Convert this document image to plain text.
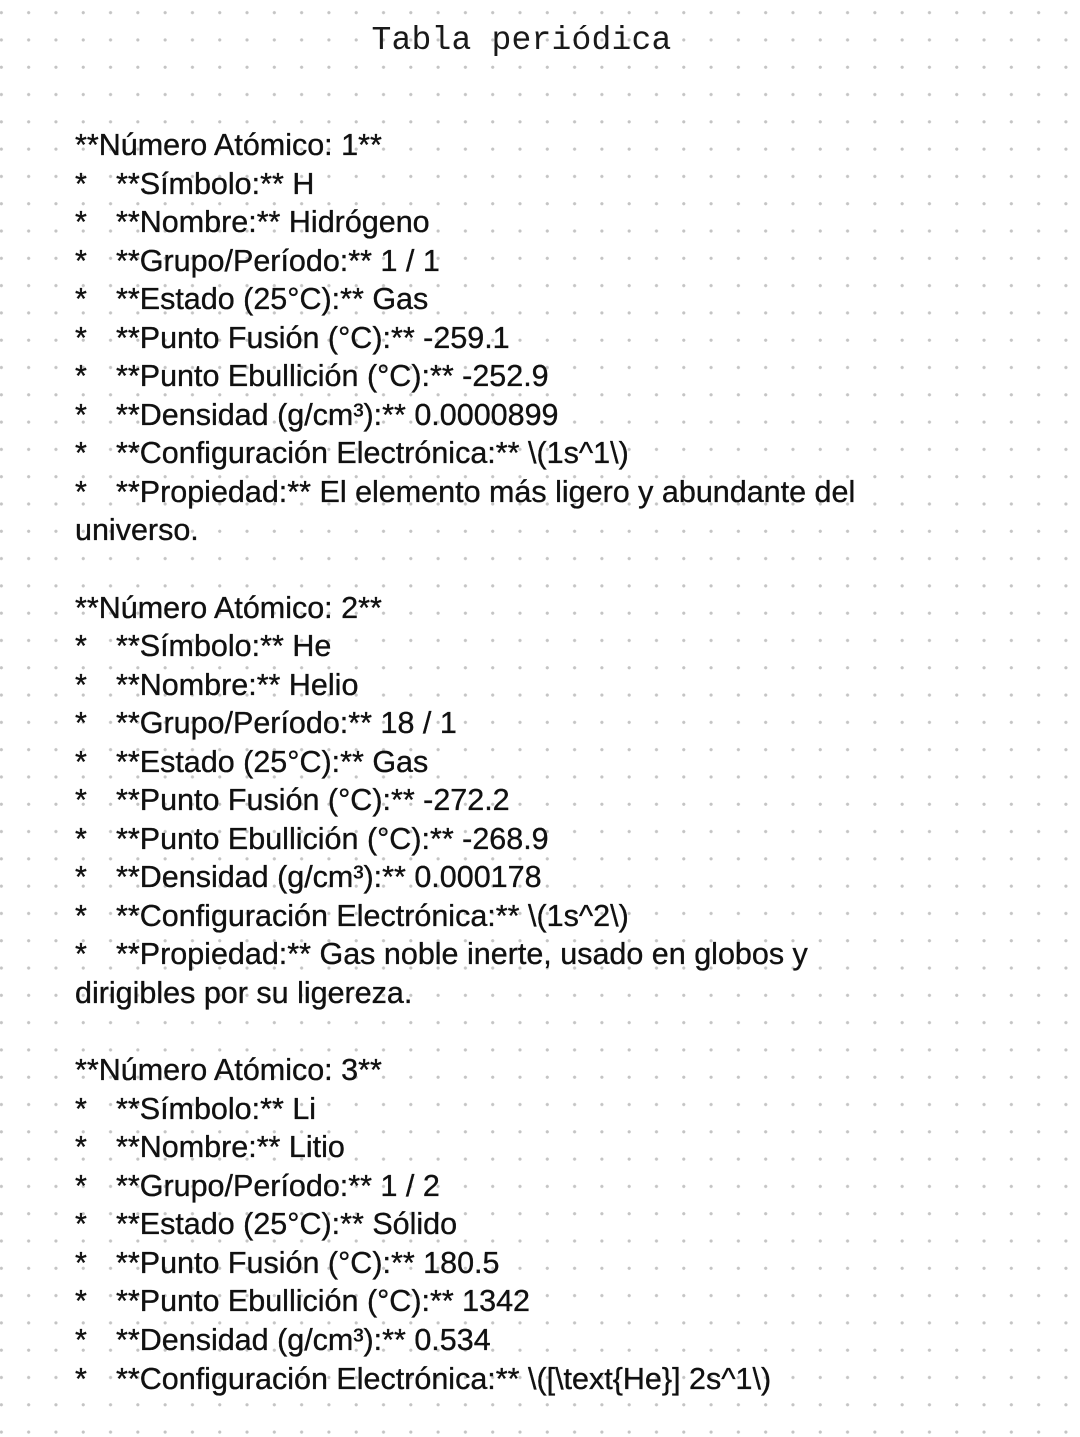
Tabla periódica
**Número Atómico: 1**
* **Símbolo:** H
* **Nombre:** Hidrógeno
* **Grupo/Período:** 1 / 1
* **Estado (25°C):** Gas
* **Punto Fusión (°C):** -259.1
* **Punto Ebullición (°C):** -252.9
* **Densidad (g/cm³):** 0.0000899
* **Configuración Electrónica:** \(1s^1\)
* **Propiedad:** El elemento más ligero y abundante del universo.
**Número Atómico: 2**
* **Símbolo:** He
* **Nombre:** Helio
* **Grupo/Período:** 18 / 1
* **Estado (25°C):** Gas
* **Punto Fusión (°C):** -272.2
* **Punto Ebullición (°C):** -268.9
* **Densidad (g/cm³):** 0.000178
* **Configuración Electrónica:** \(1s^2\)
* **Propiedad:** Gas noble inerte, usado en globos y dirigibles por su ligereza.
**Número Atómico: 3**
* **Símbolo:** Li
* **Nombre:** Litio
* **Grupo/Período:** 1 / 2
* **Estado (25°C):** Sólido
* **Punto Fusión (°C):** 180.5
* **Punto Ebullición (°C):** 1342
* **Densidad (g/cm³):** 0.534
* **Configuración Electrónica:** \([\text{He}] 2s^1\)
